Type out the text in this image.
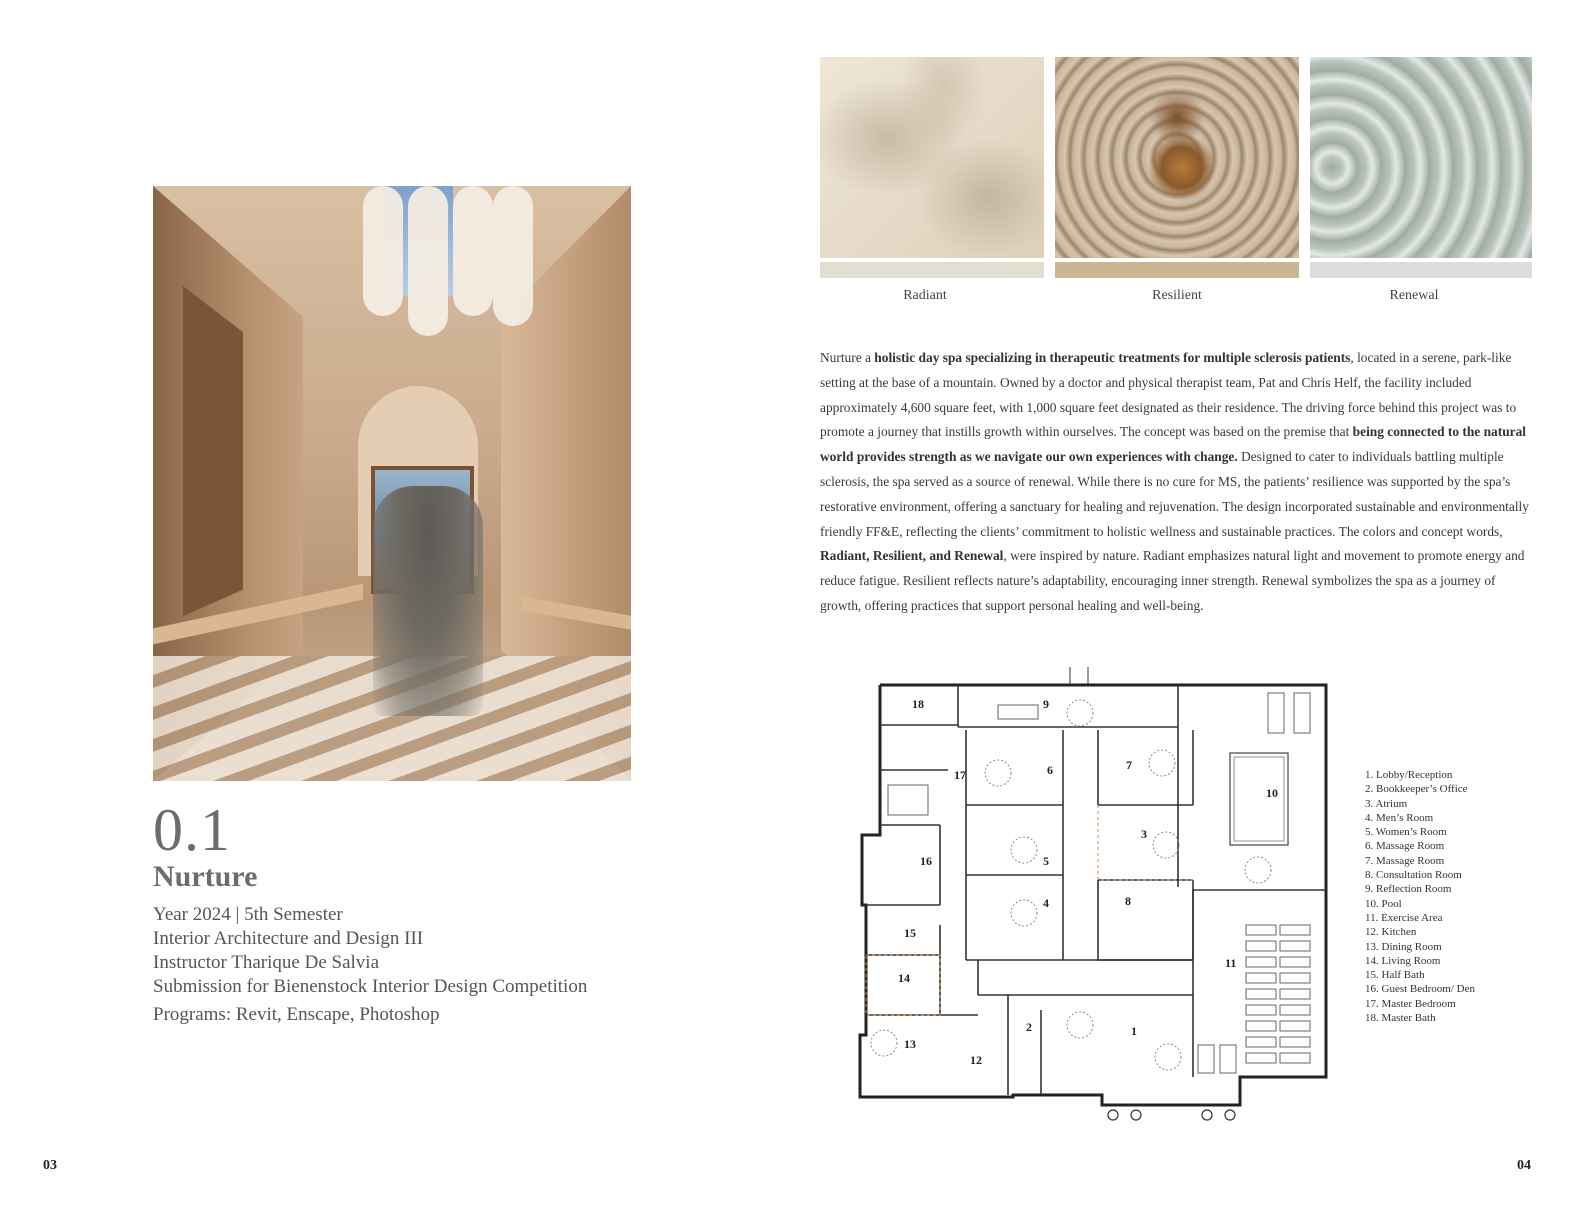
0.1
Nurture
Year 2024 | 5th Semester
Interior Architecture and Design III
Instructor Tharique De Salvia
Submission for Bienenstock Interior Design Competition
Programs: Revit, Enscape, Photoshop
03
Radiant	Resilient	Renewal
Nurture a holistic day spa specializing in therapeutic treatments for multiple sclerosis patients, located in a serene, park-like setting at the base of a mountain. Owned by a doctor and physical therapist team, Pat and Chris Helf, the facility included approximately 4,600 square feet, with 1,000 square feet designated as their residence. The driving force behind this project was to promote a journey that instills growth within ourselves. The concept was based on the premise that being connected to the natural world provides strength as we navigate our own experiences with change. Designed to cater to individuals battling multiple sclerosis, the spa served as a source of renewal. While there is no cure for MS, the patients’ resilience was supported by the spa’s restorative environment, offering a sanctuary for healing and rejuvenation. The design incorporated sustainable and environmentally friendly FF&E, reflecting the clients’ commitment to holistic wellness and sustainable practices. The colors and concept words, Radiant, Resilient, and Renewal, were inspired by nature. Radiant emphasizes natural light and movement to promote energy and reduce fatigue. Resilient reflects nature’s adaptability, encouraging inner strength. Renewal symbolizes the spa as a journey of growth, offering practices that support personal healing and well-being.
1
2
3
4
5
6	7
8
9
10
11
12
13
14
15
16
17
18
1. Lobby/Reception
2. Bookkeeper’s Office
3. Atrium
4. Men’s Room
5. Women’s Room
6. Massage Room
7. Massage Room
8. Consultation Room
9. Reflection Room
10. Pool
11. Exercise Area
12. Kitchen
13. Dining Room
14. Living Room
15. Half Bath
16. Guest Bedroom/ Den
17. Master Bedroom
18. Master Bath
04
